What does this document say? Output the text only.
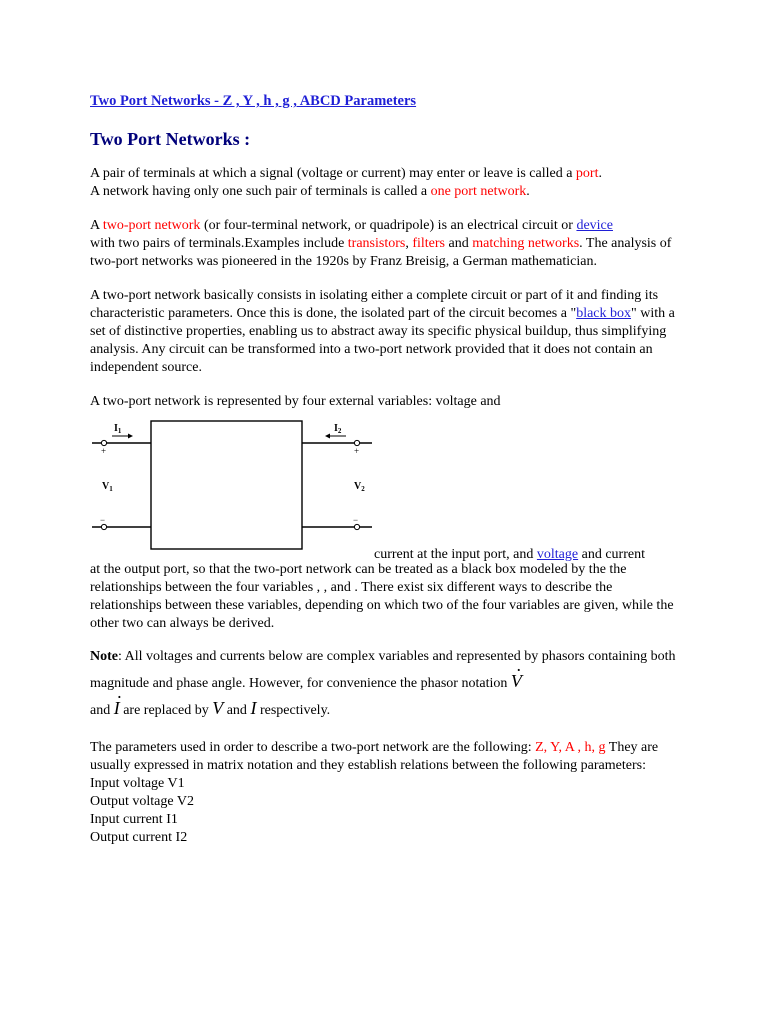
Two Port Networks - Z , Y , h , g , ABCD Parameters
Two Port Networks :

A pair of terminals at which a signal (voltage or current) may enter or leave is called a port.
A network having only one such pair of terminals is called a one port network.

A two-port network (or four-terminal network, or quadripole) is an electrical circuit or device
with two pairs of terminals.Examples include transistors, filters and matching networks. The analysis of two-port networks was pioneered in the 1920s by Franz Breisig, a German mathematician.

A two-port network basically consists in isolating either a complete circuit or part of it and finding its characteristic parameters. Once this is done, the isolated part of the circuit becomes a "black box" with a set of distinctive properties, enabling us to abstract away its specific physical buildup, thus simplifying analysis. Any circuit can be transformed into a two-port network provided that it does not contain an independent source.

A two-port network is represented by four external variables: voltage and
$I_1$	$I_2$
$V_1$	$V_2$
+	+
−	−
current at the input port, and voltage and current

at the output port, so that the two-port network can be treated as a black box modeled by the the relationships between the four variables , , and . There exist six different ways to describe the relationships between these variables, depending on which two of the four variables are given, while the other two can always be derived.

Note: All voltages and currents below are complex variables and represented by phasors containing both magnitude and phase angle. However, for convenience the phasor notation · V
and · I are replaced by V and I respectively.

The parameters used in order to describe a two-port network are the following: Z, Y, A , h, g They are usually expressed in matrix notation and they establish relations between the following parameters:

Input voltage V1
Output voltage V2
Input current I1
Output current I2
